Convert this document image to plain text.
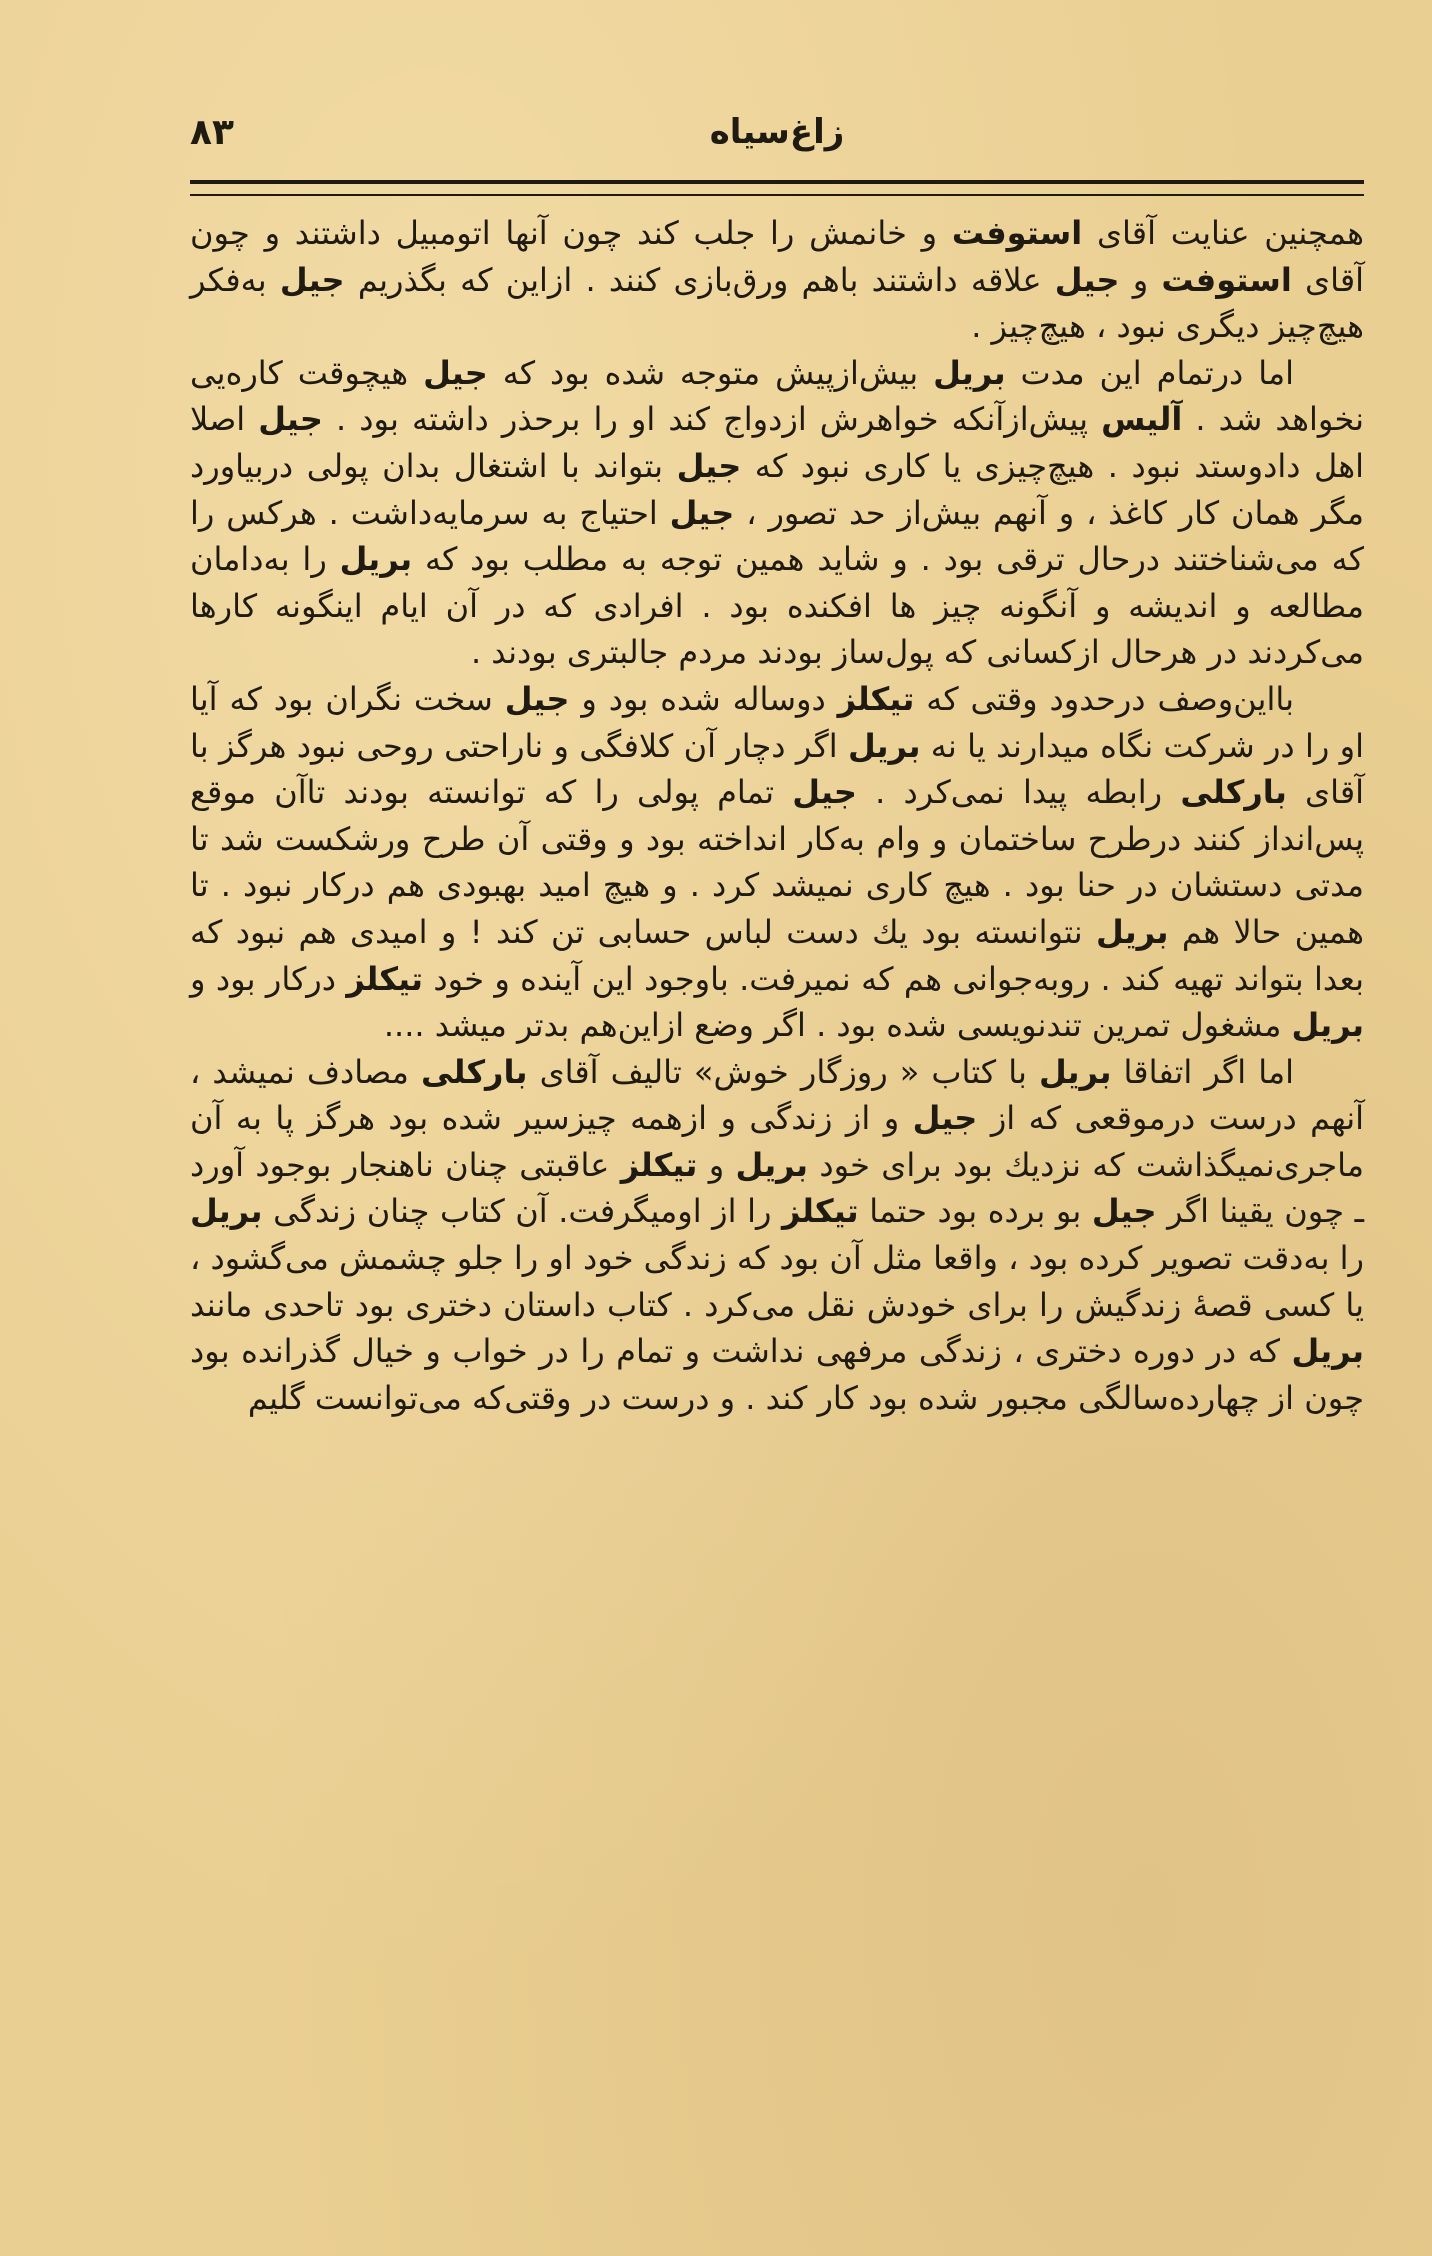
۸۳	زاغ‌سیاه

همچنین عنایت آقای استوفت و خانمش را جلب کند چون آنها اتومبیل داشتند و چون آقای استوفت و جیل علاقه داشتند باهم ورق‌بازی کنند . ازاین که بگذریم جیل به‌فکر هیچ‌چیز دیگری نبود ، هیچ‌چیز .

اما درتمام این مدت بریل بیش‌ازپیش متوجه شده بود که جیل هیچوقت کاره‌یی نخواهد شد . آلیس پیش‌ازآنکه خواهرش ازدواج کند او را برحذر داشته بود . جیل اصلا اهل دادوستد نبود . هیچ‌چیزی یا کاری نبود که جیل بتواند با اشتغال بدان پولی دربیاورد مگر همان کار کاغذ ، و آنهم بیش‌از حد تصور ، جیل احتیاج به سرمایه‌داشت . هرکس را که می‌شناختند درحال ترقی بود . و شاید همین توجه به مطلب بود که بریل را به‌دامان مطالعه و اندیشه و آنگونه چیز ها افکنده بود . افرادی که در آن ایام اینگونه کارها می‌کردند در هرحال ازکسانی که پول‌ساز بودند مردم جالبتری بودند .

بااین‌وصف درحدود وقتی که تیکلز دوساله شده بود و جیل سخت نگران بود که آیا او را در شرکت نگاه میدارند یا نه بریل اگر دچار آن کلافگی و ناراحتی روحی نبود هرگز با آقای بارکلی رابطه پیدا نمی‌کرد . جیل تمام پولی را که توانسته بودند تاآن موقع پس‌انداز کنند درطرح ساختمان و وام به‌کار انداخته بود و وقتی آن طرح ورشکست شد تا مدتی دستشان در حنا بود . هیچ کاری نمیشد کرد . و هیچ امید بهبودی هم درکار نبود . تا همین حالا هم بریل نتوانسته بود یك دست لباس حسابی تن کند ! و امیدی هم نبود که بعدا بتواند تهیه کند . روبه‌جوانی هم که نمیرفت. باوجود این آینده و خود تیکلز درکار بود و بریل مشغول تمرین تندنویسی شده بود . اگر وضع ازاین‌هم بدتر میشد ....

اما اگر اتفاقا بریل با کتاب « روزگار خوش» تالیف آقای بارکلی مصادف نمیشد ، آنهم درست درموقعی که از جیل و از زندگی و ازهمه چیزسیر شده بود هرگز پا به آن ماجری‌نمیگذاشت که نزدیك بود برای خود بریل و تیکلز عاقبتی چنان ناهنجار بوجود آورد ـ چون یقینا اگر جیل بو برده بود حتما تیکلز را از اومیگرفت. آن کتاب چنان زندگی بریل را به‌دقت تصویر کرده بود ، واقعا مثل آن بود که زندگی خود او را جلو چشمش می‌گشود ، یا کسی قصهٔ زندگیش را برای خودش نقل می‌کرد . کتاب داستان دختری بود تاحدی مانند بریل که در دوره دختری ، زندگی مرفهی نداشت و تمام را در خواب و خیال گذرانده بود چون از چهارده‌سالگی مجبور شده بود کار کند . و درست در وقتی‌که می‌توانست گلیم
